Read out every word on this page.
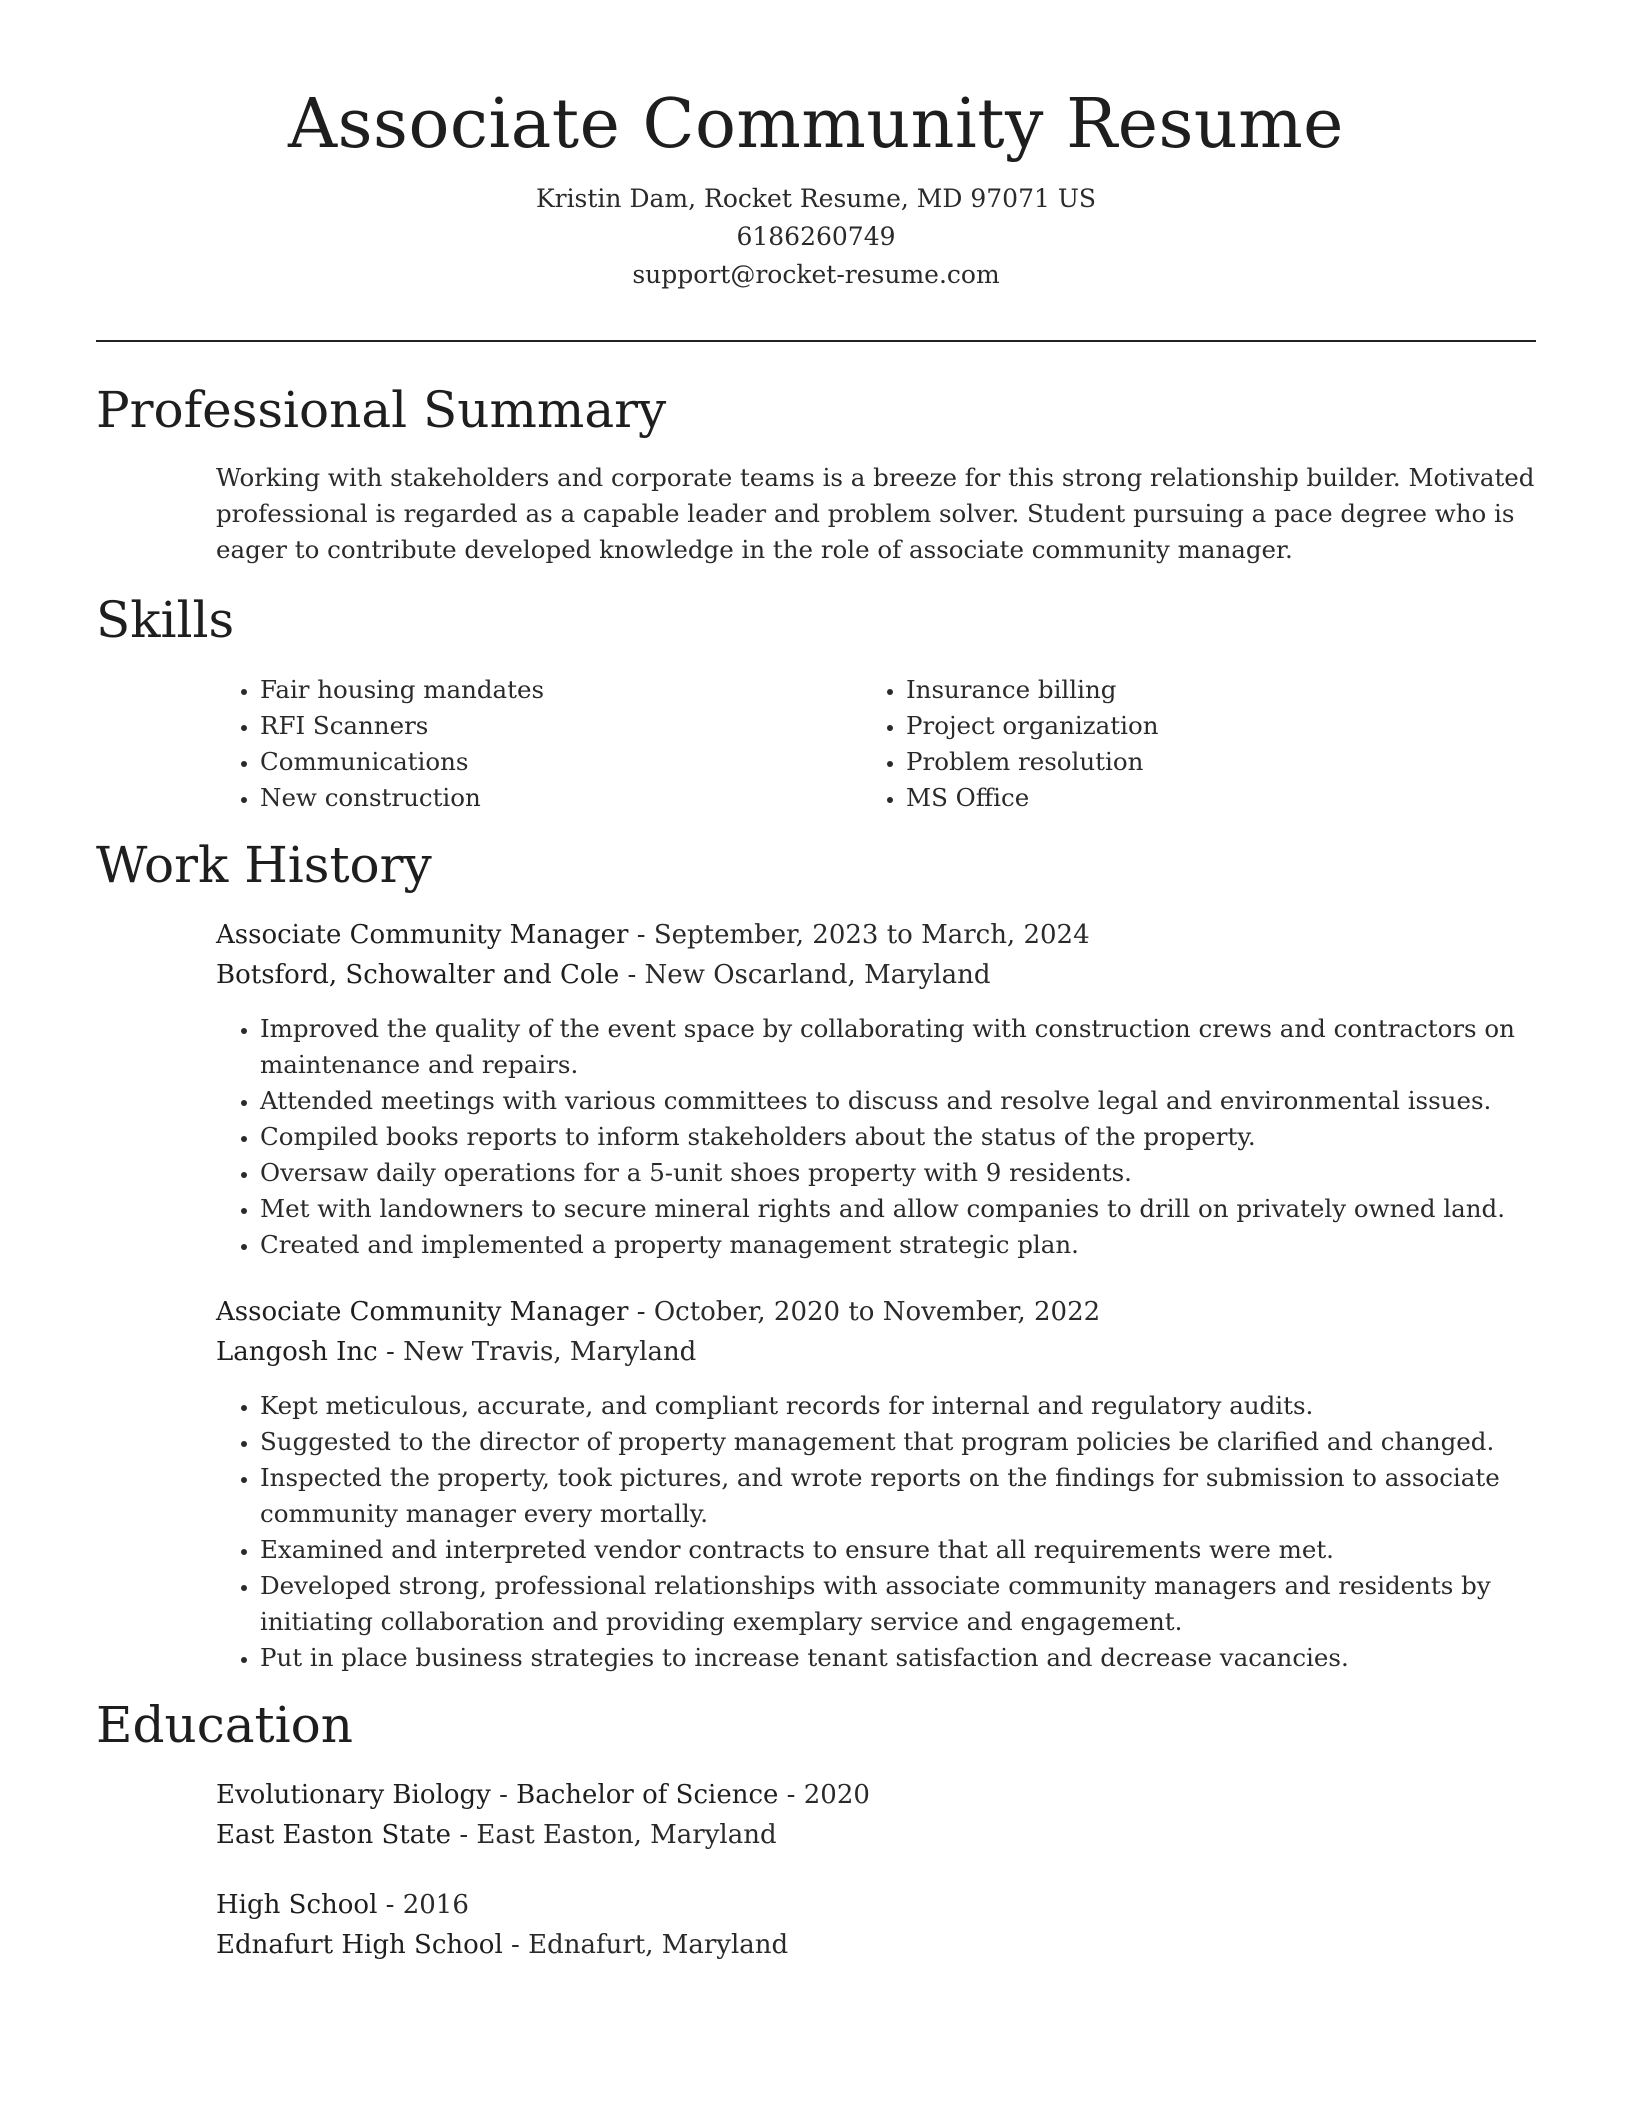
Associate Community Resume
Kristin Dam, Rocket Resume, MD 97071 US
6186260749
support@rocket-resume.com
Professional Summary

Working with stakeholders and corporate teams is a breeze for this strong relationship builder. Motivated professional is regarded as a capable leader and problem solver. Student pursuing a pace degree who is eager to contribute developed knowledge in the role of associate community manager.

Skills
• Fair housing mandates
• RFI Scanners
• Communications
• New construction
• Insurance billing
• Project organization
• Problem resolution
• MS Office
Work History
Associate Community Manager - September, 2023 to March, 2024
Botsford, Schowalter and Cole - New Oscarland, Maryland
• Improved the quality of the event space by collaborating with construction crews and contractors on maintenance and repairs.
• Attended meetings with various committees to discuss and resolve legal and environmental issues.
• Compiled books reports to inform stakeholders about the status of the property.
• Oversaw daily operations for a 5-unit shoes property with 9 residents.
• Met with landowners to secure mineral rights and allow companies to drill on privately owned land.
• Created and implemented a property management strategic plan.
Associate Community Manager - October, 2020 to November, 2022
Langosh Inc - New Travis, Maryland
• Kept meticulous, accurate, and compliant records for internal and regulatory audits.
• Suggested to the director of property management that program policies be clarified and changed.
• Inspected the property, took pictures, and wrote reports on the findings for submission to associate community manager every mortally.
• Examined and interpreted vendor contracts to ensure that all requirements were met.
• Developed strong, professional relationships with associate community managers and residents by initiating collaboration and providing exemplary service and engagement.
• Put in place business strategies to increase tenant satisfaction and decrease vacancies.
Education
Evolutionary Biology - Bachelor of Science - 2020
East Easton State - East Easton, Maryland
High School - 2016
Ednafurt High School - Ednafurt, Maryland
